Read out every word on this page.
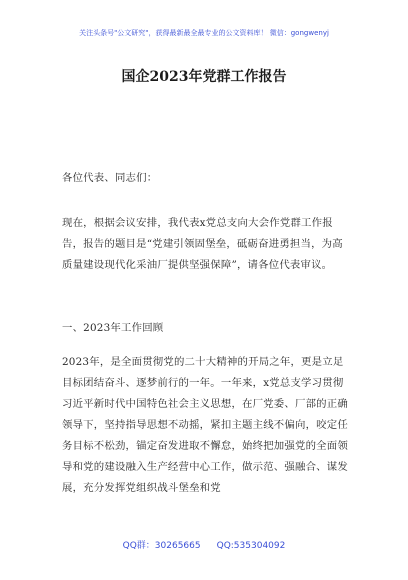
关注头条号"公文研究"，获得最新最全最专业的公文资料库！ 微信：gongwenyj
国企2023年党群工作报告
各位代表、同志们：
现在，根据会议安排，我代表x党总支向大会作党群工作报告，报告的题目是“党建引领固堡垒，砥砺奋进勇担当，为高质量建设现代化采油厂提供坚强保障”，请各位代表审议。
一、2023年工作回顾
2023年，是全面贯彻党的二十大精神的开局之年，更是立足目标团结奋斗、逐梦前行的一年。一年来，x党总支学习贯彻习近平新时代中国特色社会主义思想，在厂党委、厂部的正确领导下，坚持指导思想不动摇，紧扣主题主线不偏向，咬定任务目标不松劲，锚定奋发进取不懈怠，始终把加强党的全面领导和党的建设融入生产经营中心工作，做示范、强融合、谋发展，充分发挥党组织战斗堡垒和党
QQ群：30265665 QQ:535304092
